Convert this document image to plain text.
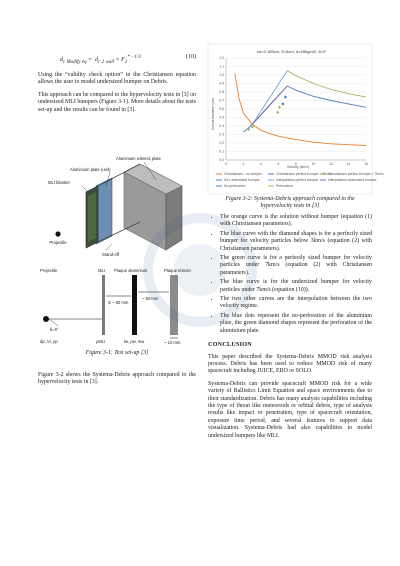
$d_{c Modify eq} = d_{c 2 wall} \times F_2^{* -1/3}$	(10)

Using the “validity check option” in the Christiansen equation allows the user to model undersized bumper on Debris.

This approach can be compared to the hypervelocity tests in [3] on undersized MLI bumpers (Figure 3-1). More details about the tests set-up and the results can be found in [3].

Projectile
Aluminium witness plate
Aluminium plate (unit)
MLI blanket
Stand-off
Projectile	MLI Plaque aluminium	Plaque témoin
S ~ 50 mm
~ 50 mm
~ 10 mm
θ=0°
dp, Vi, ρp	ρMLI	tw, ρw, mw
Figure 3-1: Test set-up [3]

Figure 3-2 shows the Systema-Debris approach compared to the hypervelocity tests in [3].

tw=0.105cm, S=5cm, d=496g/m2, θ=0°
0.0
0.1
0.2
0.3
0.4
0.5
0.6
0.7
0.8
0.9
1.0
1.1
1.2
0	2	4	6	8	10	12	14	16
Velocity (km/s)
Critical diameter (cm)
Christiansen - no bumper	Christiansen perfect bumper < 3km/s
Christiansen perfect bumper < 7km/s
MLI undersized bumper	Interpolation perfect bumper	Interpolation undersized bumper
No perforation	Perforation
Figure 3-2: Systema-Debris approach compared to the
hypervelocity tests in [3]
• The orange curve is the solution without bumper (equation (1) with Christiansen parameters).
• The blue curve with the diamond shapes is for a perfectly sized bumper for velocity particles below 3km/s (equation (2) with Christiansen parameters).
• The green curve is for a perfectly sized bumper for velocity particles under 7km/s (equation (2) with Christiansen parameters).
• The blue curve is for the undersized bumper for velocity particles under 7km/s (equation (10)).
• The two other curves are the interpolation between the two velocity regime.
• The blue dots represent the no-perforation of the aluminium plate, the green diamond shapes represent the perforation of the aluminium plate.
CONCLUSION

This paper described the Systema-Debris MMOD risk analysis process. Debris has been used to reduce MMOD risk of many spacecraft including JUICE, ERO or SOLO.

Systema-Debris can provide spacecraft MMOD risk for a wide variety of Ballistics Limit Equation and space environments due to their standardization. Debris has many analysis capabilities including the type of threat like meteoroids or orbital debris, type of analysis results like impact or penetration, type of spacecraft orientation, exposure time period, and several features to support data visualization. Systema-Debris had also capabilities to model undersized bumpers like MLI.
